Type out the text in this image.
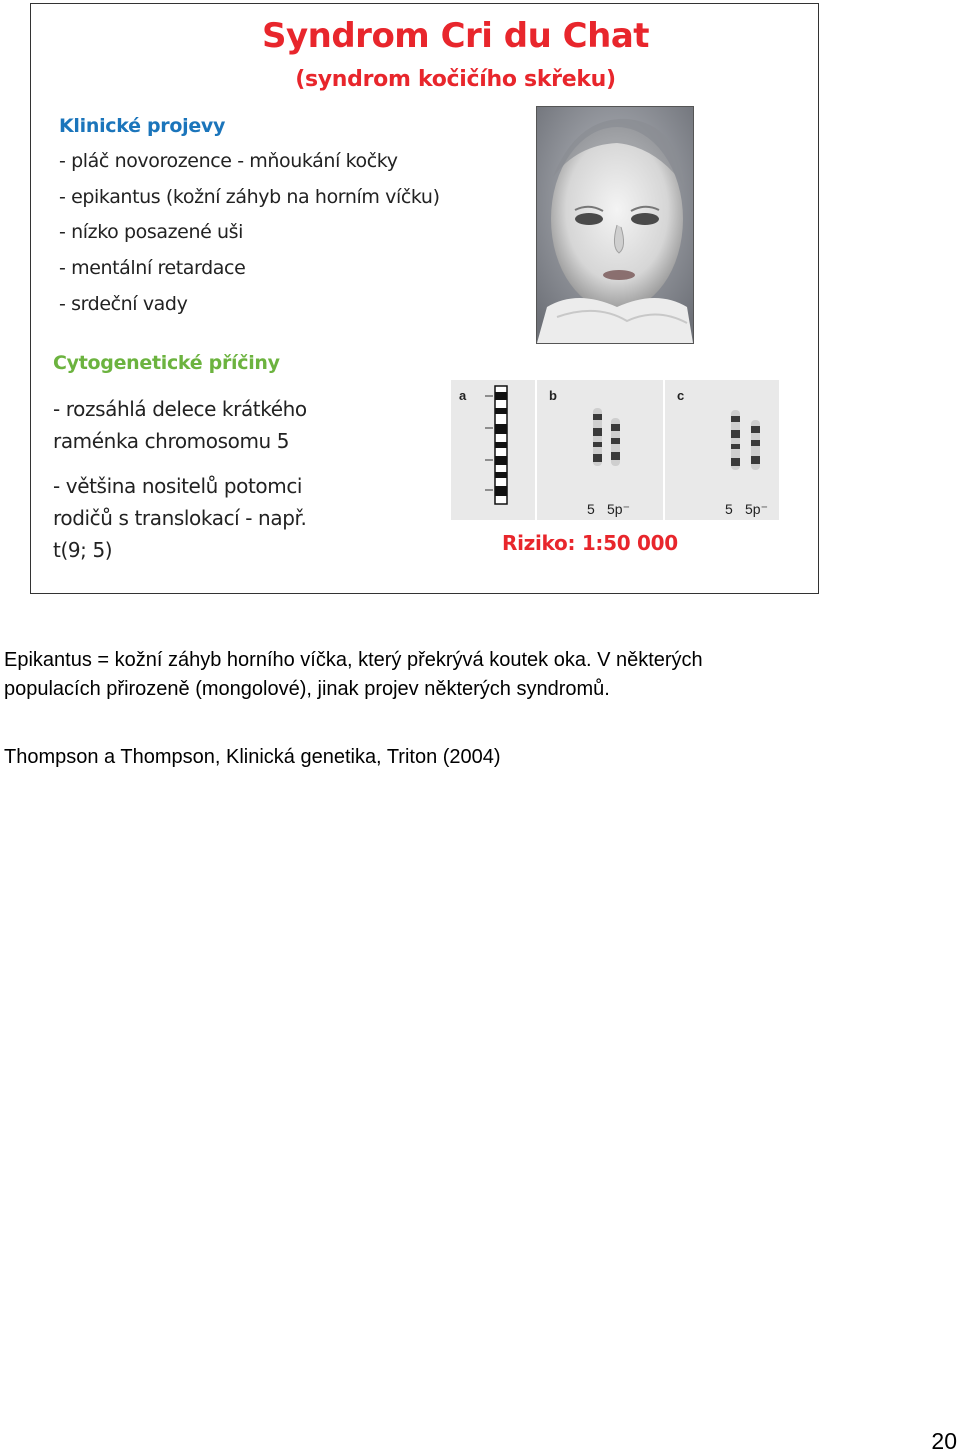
Syndrom Cri du Chat
(syndrom kočičího skřeku)
Klinické projevy
- pláč novorozence - mňoukání kočky
- epikantus (kožní záhyb na horním víčku)
- nízko posazené uši
- mentální retardace
- srdeční vady
Cytogenetické příčiny
- rozsáhlá delece krátkého
raménka chromosomu 5
- většina nositelů potomci
rodičů s translokací - např.
t(9; 5)
a	b	c
5 5p⁻	5 5p⁻
Riziko: 1:50 000
Epikantus = kožní záhyb horního víčka, který překrývá koutek oka. V některých
populacích přirozeně (mongolové), jinak projev některých syndromů.
Thompson a Thompson, Klinická genetika, Triton (2004)
20
